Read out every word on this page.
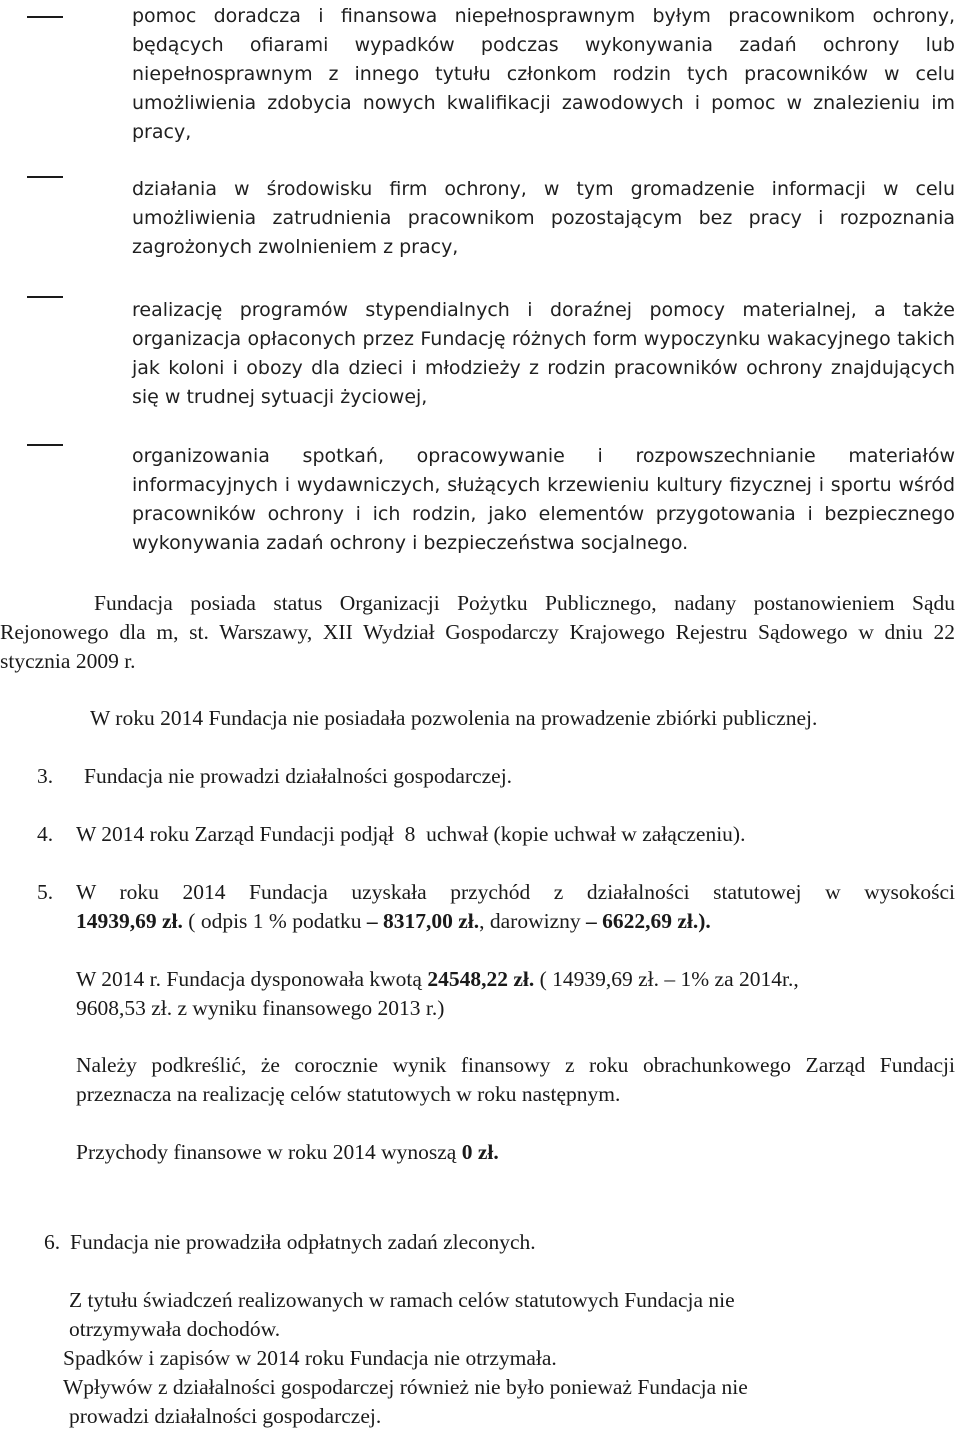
pomoc doradcza i finansowa niepełnosprawnym byłym pracownikom ochrony, będących ofiarami wypadków podczas wykonywania zadań ochrony lub niepełnosprawnym z innego tytułu członkom rodzin tych pracowników w celu umożliwienia zdobycia nowych kwalifikacji zawodowych i pomoc w znalezieniu im pracy,
działania w środowisku firm ochrony, w tym gromadzenie informacji w celu umożliwienia zatrudnienia pracownikom pozostającym bez pracy i rozpoznania zagrożonych zwolnieniem z pracy,
realizację programów stypendialnych i doraźnej pomocy materialnej, a także organizacja opłaconych przez Fundację różnych form wypoczynku wakacyjnego takich jak koloni i obozy dla dzieci i młodzieży z rodzin pracowników ochrony znajdujących się w trudnej sytuacji życiowej,
organizowania spotkań, opracowywanie i rozpowszechnianie materiałów informacyjnych i wydawniczych, służących krzewieniu kultury fizycznej i sportu wśród pracowników ochrony i ich rodzin, jako elementów przygotowania i bezpiecznego wykonywania zadań ochrony i bezpieczeństwa socjalnego.
Fundacja posiada status Organizacji Pożytku Publicznego, nadany postanowieniem Sądu Rejonowego dla m, st. Warszawy, XII Wydział Gospodarczy Krajowego Rejestru Sądowego w dniu 22 stycznia 2009 r.
W roku 2014 Fundacja nie posiadała pozwolenia na prowadzenie zbiórki publicznej.
3. Fundacja nie prowadzi działalności gospodarczej.
4. W 2014 roku Zarząd Fundacji podjął  8  uchwał (kopie uchwał w załączeniu).
5. W roku 2014 Fundacja uzyskała przychód z działalności statutowej w wysokości
14939,69 zł. ( odpis 1 % podatku – 8317,00 zł., darowizny – 6622,69 zł.).
W 2014 r. Fundacja dysponowała kwotą 24548,22 zł. ( 14939,69 zł. – 1% za 2014r.,
9608,53 zł. z wyniku finansowego 2013 r.)
Należy podkreślić, że corocznie wynik finansowy z roku obrachunkowego Zarząd Fundacji przeznacza na realizację celów statutowych w roku następnym.
Przychody finansowe w roku 2014 wynoszą 0 zł.
6. Fundacja nie prowadziła odpłatnych zadań zleconych.
Z tytułu świadczeń realizowanych w ramach celów statutowych Fundacja nie
otrzymywała dochodów.
Spadków i zapisów w 2014 roku Fundacja nie otrzymała.
Wpływów z działalności gospodarczej również nie było ponieważ Fundacja nie
prowadzi działalności gospodarczej.
